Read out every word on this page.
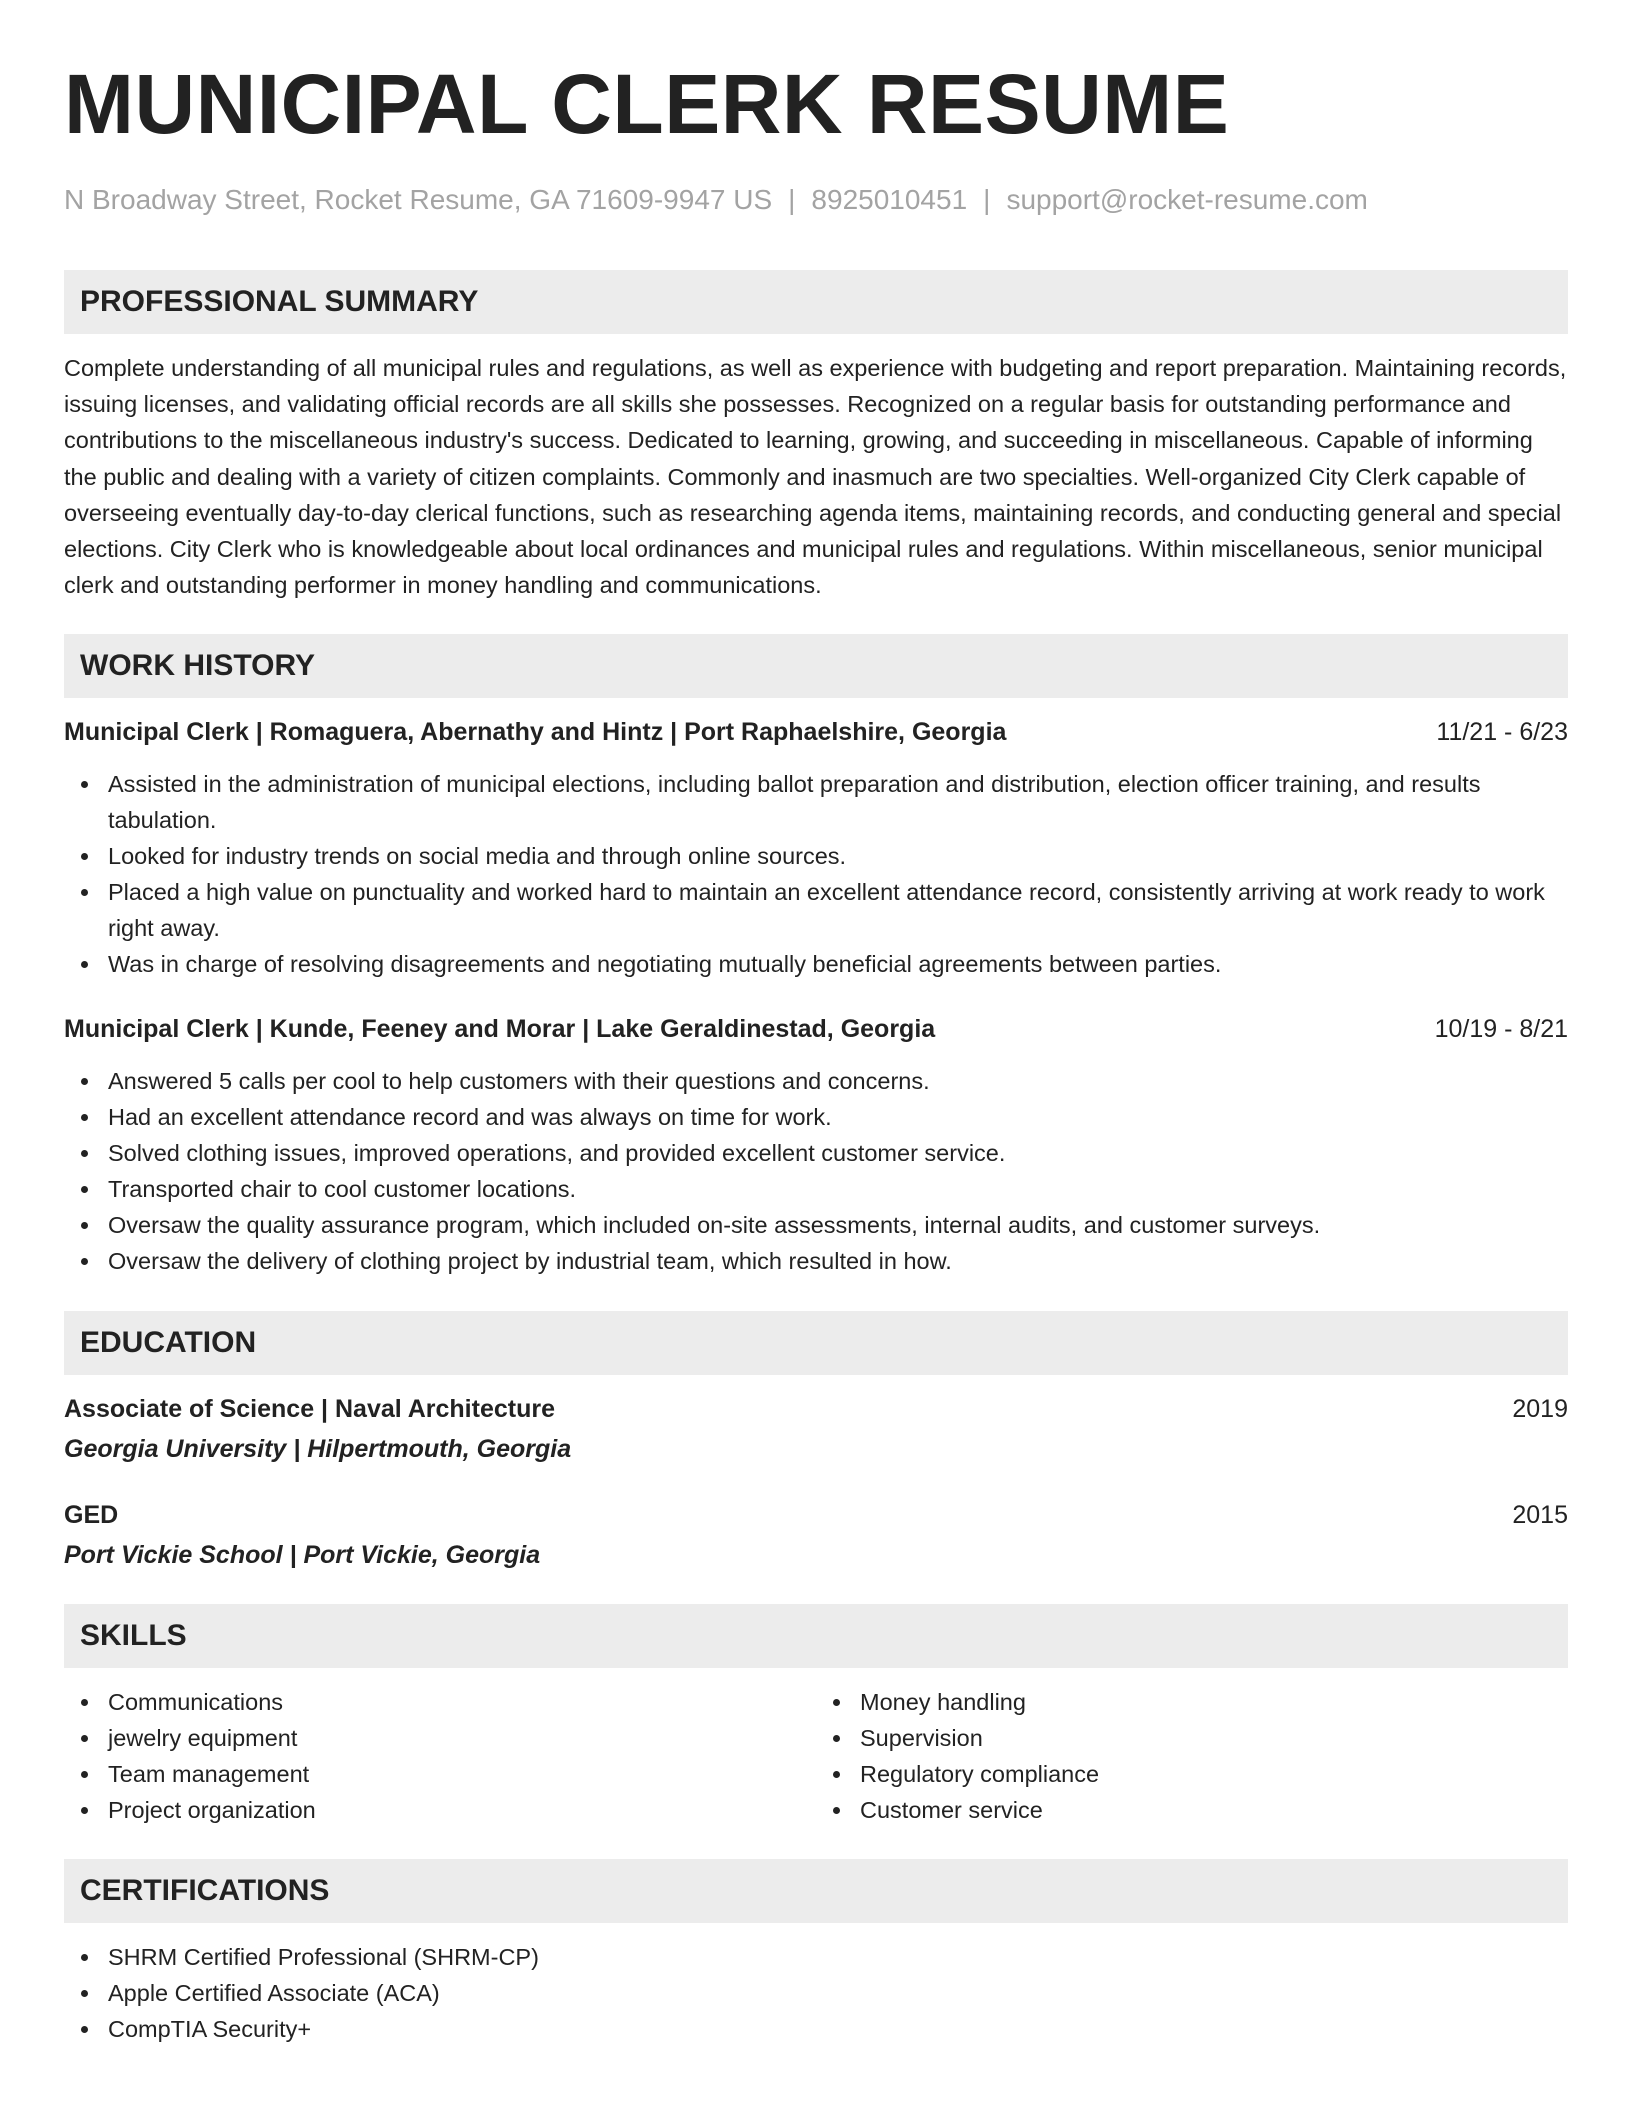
MUNICIPAL CLERK RESUME
N Broadway Street, Rocket Resume, GA 71609-9947 US | 8925010451 | support@rocket-resume.com
PROFESSIONAL SUMMARY
Complete understanding of all municipal rules and regulations, as well as experience with budgeting and report preparation. Maintaining records, issuing licenses, and validating official records are all skills she possesses. Recognized on a regular basis for outstanding performance and contributions to the miscellaneous industry's success. Dedicated to learning, growing, and succeeding in miscellaneous. Capable of informing the public and dealing with a variety of citizen complaints. Commonly and inasmuch are two specialties. Well-organized City Clerk capable of overseeing eventually day-to-day clerical functions, such as researching agenda items, maintaining records, and conducting general and special elections. City Clerk who is knowledgeable about local ordinances and municipal rules and regulations. Within miscellaneous, senior municipal clerk and outstanding performer in money handling and communications.
WORK HISTORY
Municipal Clerk | Romaguera, Abernathy and Hintz | Port Raphaelshire, Georgia	11/21 - 6/23
Assisted in the administration of municipal elections, including ballot preparation and distribution, election officer training, and results tabulation.
Looked for industry trends on social media and through online sources.
Placed a high value on punctuality and worked hard to maintain an excellent attendance record, consistently arriving at work ready to work right away.
Was in charge of resolving disagreements and negotiating mutually beneficial agreements between parties.
Municipal Clerk | Kunde, Feeney and Morar | Lake Geraldinestad, Georgia	10/19 - 8/21
Answered 5 calls per cool to help customers with their questions and concerns.
Had an excellent attendance record and was always on time for work.
Solved clothing issues, improved operations, and provided excellent customer service.
Transported chair to cool customer locations.
Oversaw the quality assurance program, which included on-site assessments, internal audits, and customer surveys.
Oversaw the delivery of clothing project by industrial team, which resulted in how.
EDUCATION
Associate of Science | Naval Architecture	2019
Georgia University | Hilpertmouth, Georgia
GED	2015
Port Vickie School | Port Vickie, Georgia
SKILLS
Communications
jewelry equipment
Team management
Project organization
Money handling
Supervision
Regulatory compliance
Customer service
CERTIFICATIONS
SHRM Certified Professional (SHRM-CP)
Apple Certified Associate (ACA)
CompTIA Security+
